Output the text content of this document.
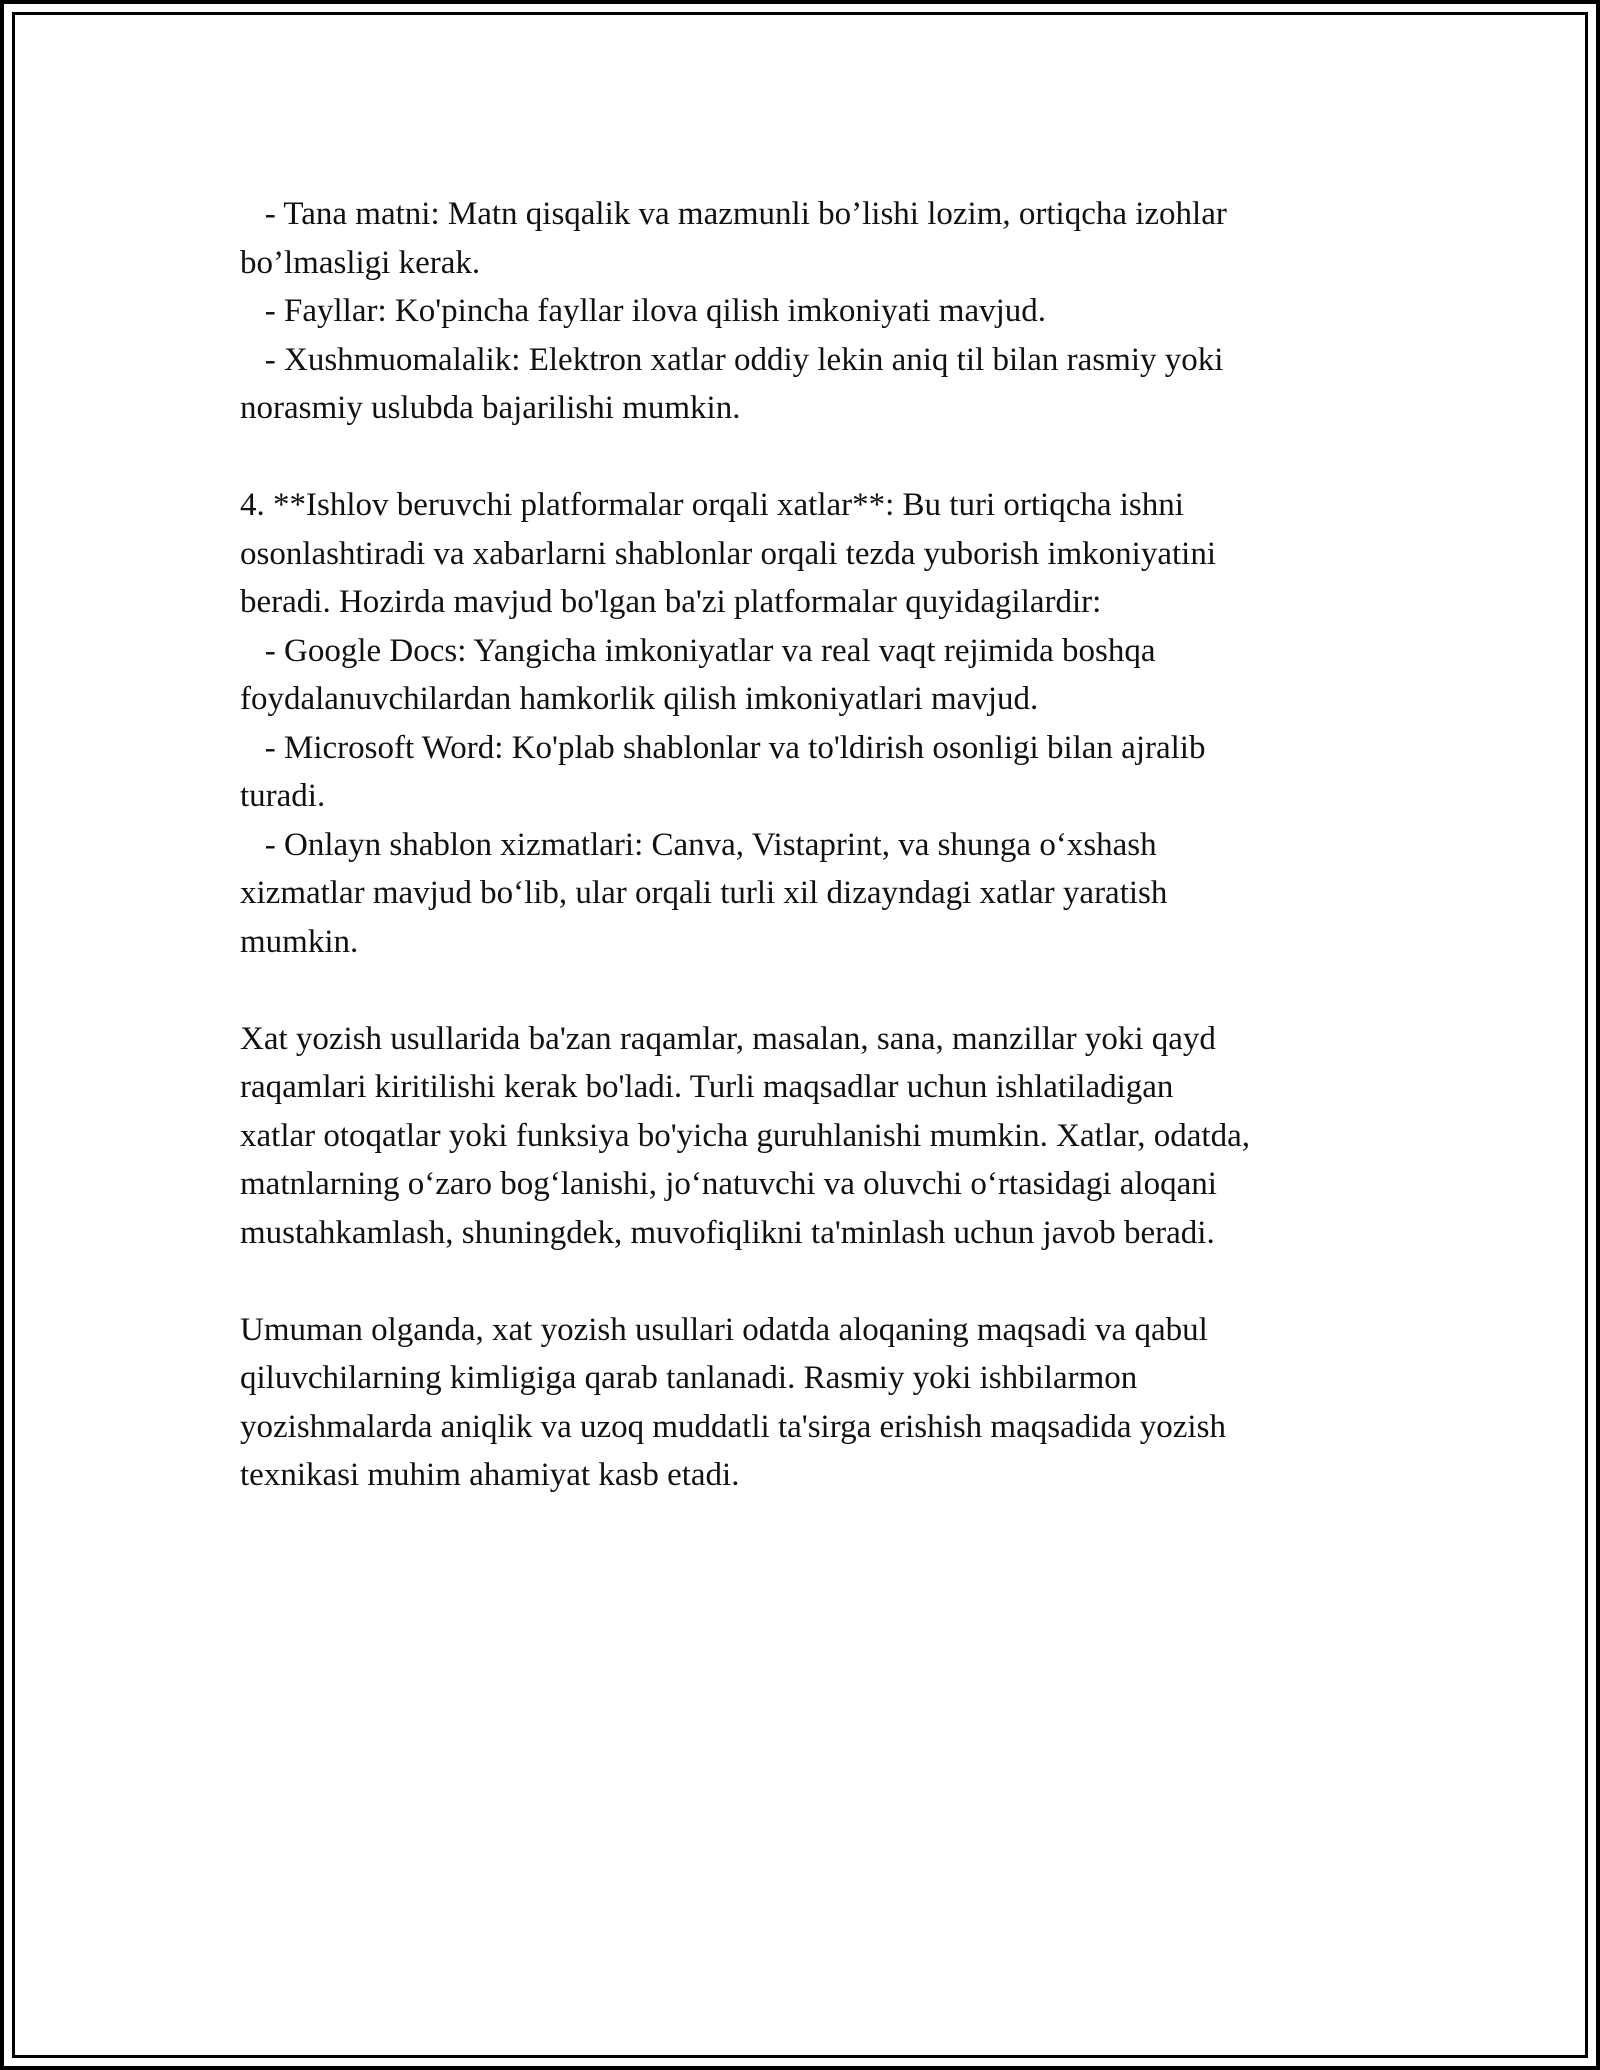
- Tana matni: Matn qisqalik va mazmunli bo’lishi lozim, ortiqcha izohlar
bo’lmasligi kerak.
- Fayllar: Ko'pincha fayllar ilova qilish imkoniyati mavjud.
- Xushmuomalalik: Elektron xatlar oddiy lekin aniq til bilan rasmiy yoki
norasmiy uslubda bajarilishi mumkin.
4. **Ishlov beruvchi platformalar orqali xatlar**: Bu turi ortiqcha ishni
osonlashtiradi va xabarlarni shablonlar orqali tezda yuborish imkoniyatini
beradi. Hozirda mavjud bo'lgan ba'zi platformalar quyidagilardir:
- Google Docs: Yangicha imkoniyatlar va real vaqt rejimida boshqa
foydalanuvchilardan hamkorlik qilish imkoniyatlari mavjud.
- Microsoft Word: Ko'plab shablonlar va to'ldirish osonligi bilan ajralib
turadi.
- Onlayn shablon xizmatlari: Canva, Vistaprint, va shunga o‘xshash
xizmatlar mavjud bo‘lib, ular orqali turli xil dizayndagi xatlar yaratish
mumkin.
Xat yozish usullarida ba'zan raqamlar, masalan, sana, manzillar yoki qayd
raqamlari kiritilishi kerak bo'ladi. Turli maqsadlar uchun ishlatiladigan
xatlar otoqatlar yoki funksiya bo'yicha guruhlanishi mumkin. Xatlar, odatda,
matnlarning o‘zaro bog‘lanishi, jo‘natuvchi va oluvchi o‘rtasidagi aloqani
mustahkamlash, shuningdek, muvofiqlikni ta'minlash uchun javob beradi.
Umuman olganda, xat yozish usullari odatda aloqaning maqsadi va qabul
qiluvchilarning kimligiga qarab tanlanadi. Rasmiy yoki ishbilarmon
yozishmalarda aniqlik va uzoq muddatli ta'sirga erishish maqsadida yozish
texnikasi muhim ahamiyat kasb etadi.
